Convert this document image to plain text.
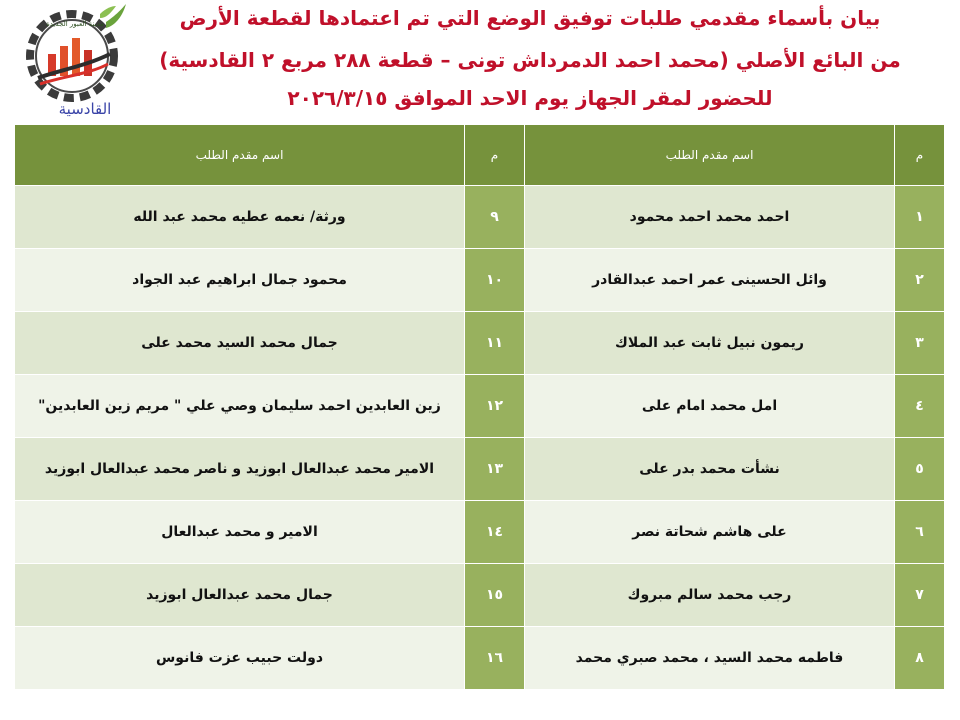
مدينة العبور الجديدة
القادسية
بيان بأسماء مقدمي طلبات توفيق الوضع التي تم اعتمادها لقطعة الأرض
من البائع الأصلي (محمد احمد الدمرداش تونى – قطعة ٢٨٨ مربع ٢ القادسية)
للحضور لمقر الجهاز يوم الاحد الموافق ٢٠٢٦/٣/١٥
م	اسم مقدم الطلب	م	اسم مقدم الطلب
١	احمد محمد احمد محمود	٩	ورثة/ نعمه عطيه محمد عبد الله
٢	وائل الحسينى عمر احمد عبدالقادر	١٠	محمود جمال ابراهيم عبد الجواد
٣	ريمون نبيل ثابت عبد الملاك	١١	جمال محمد السيد محمد على
٤	امل محمد امام على	١٢	زين العابدين احمد سليمان وصي علي " مريم زين العابدين"
٥	نشأت محمد بدر على	١٣	الامير محمد عبدالعال ابوزيد و ناصر محمد عبدالعال ابوزيد
٦	على هاشم شحاتة نصر	١٤	الامير و محمد عبدالعال
٧	رجب محمد سالم مبروك	١٥	جمال محمد عبدالعال ابوزيد
٨	فاطمه محمد السيد ، محمد صبري محمد	١٦	دولت حبيب عزت فانوس
